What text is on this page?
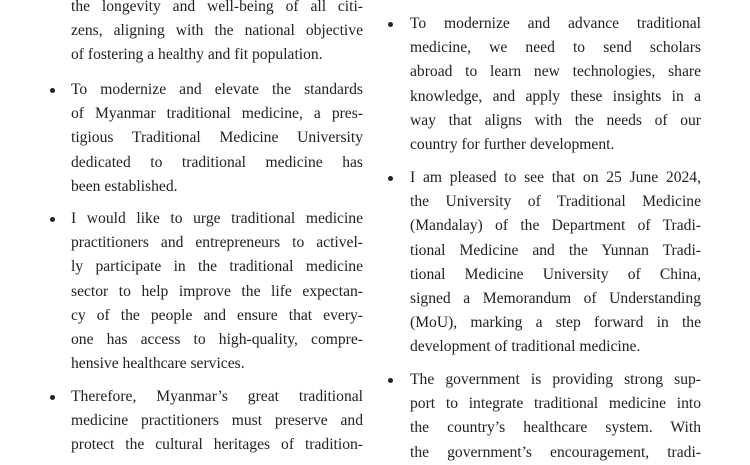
the longevity and well-being of all citi-
zens, aligning with the national objective
of fostering a healthy and fit population.
To modernize and elevate the standards
of Myanmar traditional medicine, a pres-
tigious Traditional Medicine University
dedicated to traditional medicine has
been established.
I would like to urge traditional medicine
practitioners and entrepreneurs to activel-
ly participate in the traditional medicine
sector to help improve the life expectan-
cy of the people and ensure that every-
one has access to high-quality, compre-
hensive healthcare services.
Therefore, Myanmar’s great traditional
medicine practitioners must preserve and
protect the cultural heritages of tradition-
To modernize and advance traditional
medicine, we need to send scholars
abroad to learn new technologies, share
knowledge, and apply these insights in a
way that aligns with the needs of our
country for further development.
I am pleased to see that on 25 June 2024,
the University of Traditional Medicine
(Mandalay) of the Department of Tradi-
tional Medicine and the Yunnan Tradi-
tional Medicine University of China,
signed a Memorandum of Understanding
(MoU), marking a step forward in the
development of traditional medicine.
The government is providing strong sup-
port to integrate traditional medicine into
the country’s healthcare system. With
the government’s encouragement, tradi-
